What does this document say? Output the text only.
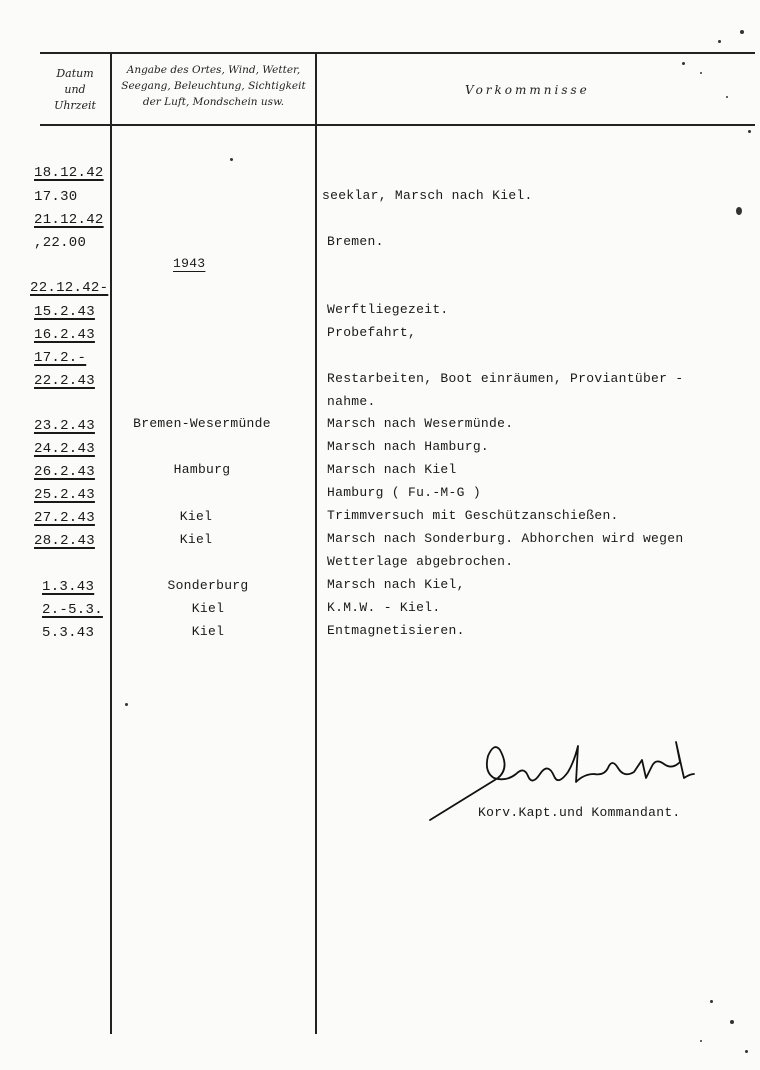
Datum
und
Uhrzeit
Angabe des Ortes, Wind, Wetter,
Seegang, Beleuchtung, Sichtigkeit
der Luft, Mondschein usw.
Vorkommnisse
1943
18.12.42
17.30
21.12.42
,22.00
22.12.42-
15.2.43
16.2.43
17.2.-
22.2.43
23.2.43
24.2.43
26.2.43
25.2.43
27.2.43
28.2.43
1.3.43
2.-5.3.
5.3.43
Bremen-Wesermünde
Hamburg
Kiel
Kiel
Sonderburg
Kiel
Kiel
seeklar, Marsch nach Kiel.
Bremen.
Werftliegezeit.
Probefahrt,
Restarbeiten, Boot einräumen, Proviantüber -
nahme.
Marsch nach Wesermünde.
Marsch nach Hamburg.
Marsch nach Kiel
Hamburg ( Fu.-M-G )
Trimmversuch mit Geschützanschießen.
Marsch nach Sonderburg. Abhorchen wird wegen
Wetterlage abgebrochen.
Marsch nach Kiel,
K.M.W. - Kiel.
Entmagnetisieren.
Korv.Kapt.und Kommandant.
